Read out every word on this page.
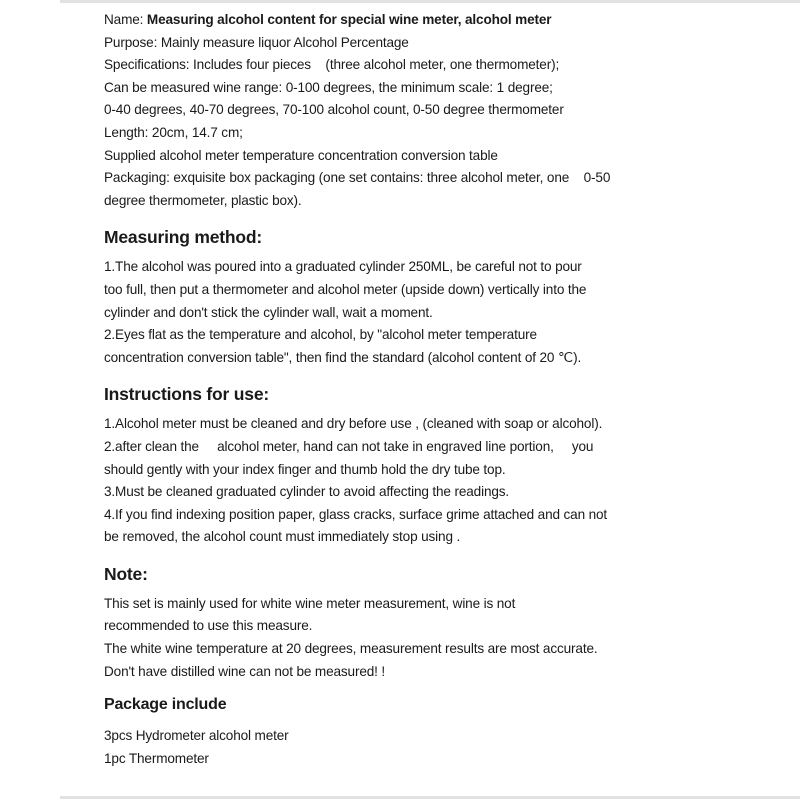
Name: Measuring alcohol content for special wine meter, alcohol meter
Purpose: Mainly measure liquor Alcohol Percentage
Specifications: Includes four pieces    (three alcohol meter, one thermometer);
Can be measured wine range: 0-100 degrees, the minimum scale: 1 degree;
0-40 degrees, 40-70 degrees, 70-100 alcohol count, 0-50 degree thermometer
Length: 20cm, 14.7 cm;
Supplied alcohol meter temperature concentration conversion table
Packaging: exquisite box packaging (one set contains: three alcohol meter, one    0-50
degree thermometer, plastic box).
Measuring method:
1.The alcohol was poured into a graduated cylinder 250ML, be careful not to pour
too full, then put a thermometer and alcohol meter (upside down) vertically into the
cylinder and don't stick the cylinder wall, wait a moment.
2.Eyes flat as the temperature and alcohol, by "alcohol meter temperature
concentration conversion table", then find the standard (alcohol content of 20 ℃).
Instructions for use:
1.Alcohol meter must be cleaned and dry before use , (cleaned with soap or alcohol).
2.after clean the     alcohol meter, hand can not take in engraved line portion,     you
should gently with your index finger and thumb hold the dry tube top.
3.Must be cleaned graduated cylinder to avoid affecting the readings.
4.If you find indexing position paper, glass cracks, surface grime attached and can not
be removed, the alcohol count must immediately stop using .
Note:
This set is mainly used for white wine meter measurement, wine is not
recommended to use this measure.
The white wine temperature at 20 degrees, measurement results are most accurate.
Don't have distilled wine can not be measured! !
Package include
3pcs Hydrometer alcohol meter
1pc Thermometer
